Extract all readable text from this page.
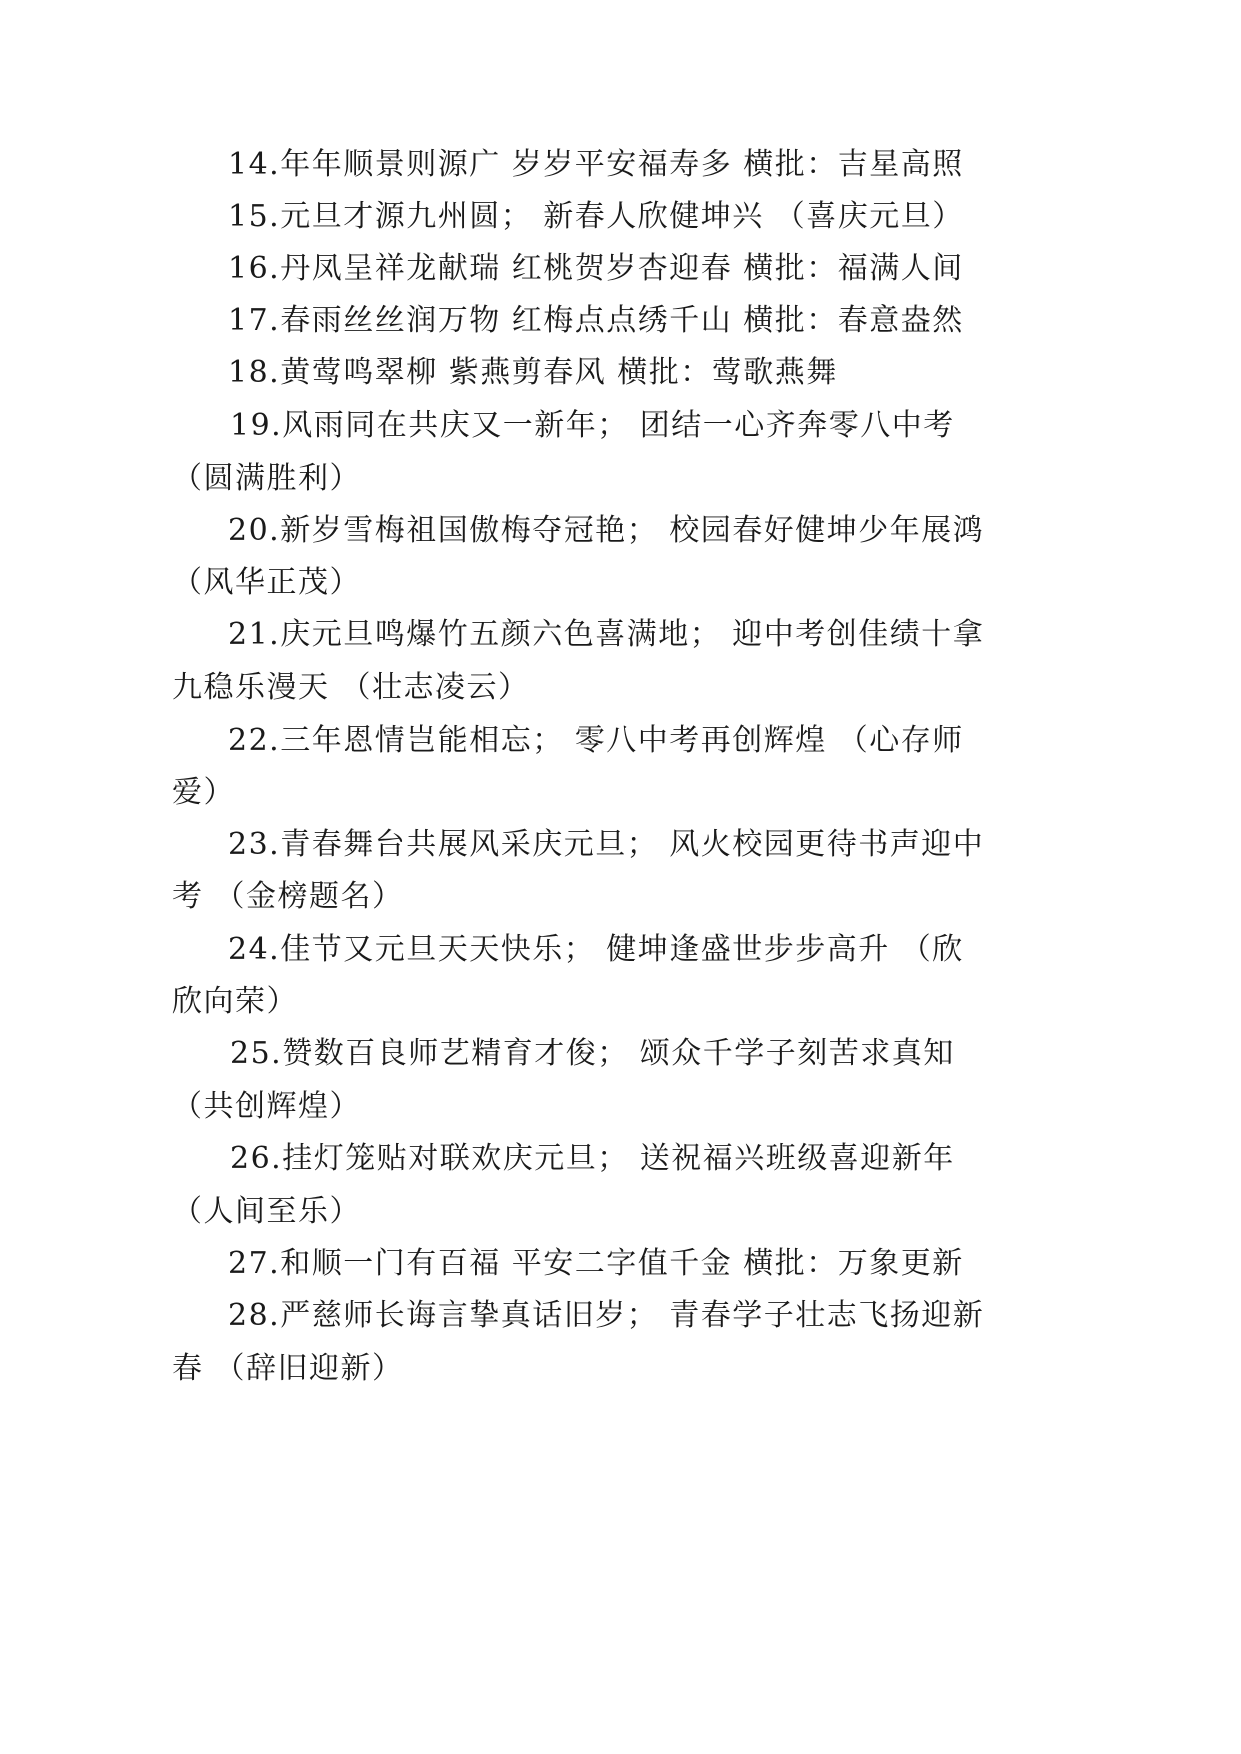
14.年年顺景则源广 岁岁平安福寿多 横批：吉星高照

15.元旦才源九州圆； 新春人欣健坤兴 （喜庆元旦）

16.丹凤呈祥龙献瑞 红桃贺岁杏迎春 横批：福满人间

17.春雨丝丝润万物 红梅点点绣千山 横批：春意盎然

18.黄莺鸣翠柳 紫燕剪春风 横批：莺歌燕舞

19.风雨同在共庆又一新年； 团结一心齐奔零八中考

（圆满胜利）

20.新岁雪梅祖国傲梅夺冠艳； 校园春好健坤少年展鸿

（风华正茂）

21.庆元旦鸣爆竹五颜六色喜满地； 迎中考创佳绩十拿

九稳乐漫天 （壮志凌云）

22.三年恩情岂能相忘； 零八中考再创辉煌 （心存师

爱）

23.青春舞台共展风采庆元旦； 风火校园更待书声迎中

考 （金榜题名）

24.佳节又元旦天天快乐； 健坤逢盛世步步高升 （欣

欣向荣）

25.赞数百良师艺精育才俊； 颂众千学子刻苦求真知

（共创辉煌）

26.挂灯笼贴对联欢庆元旦； 送祝福兴班级喜迎新年

（人间至乐）

27.和顺一门有百福 平安二字值千金 横批：万象更新

28.严慈师长诲言挚真话旧岁； 青春学子壮志飞扬迎新

春 （辞旧迎新）
